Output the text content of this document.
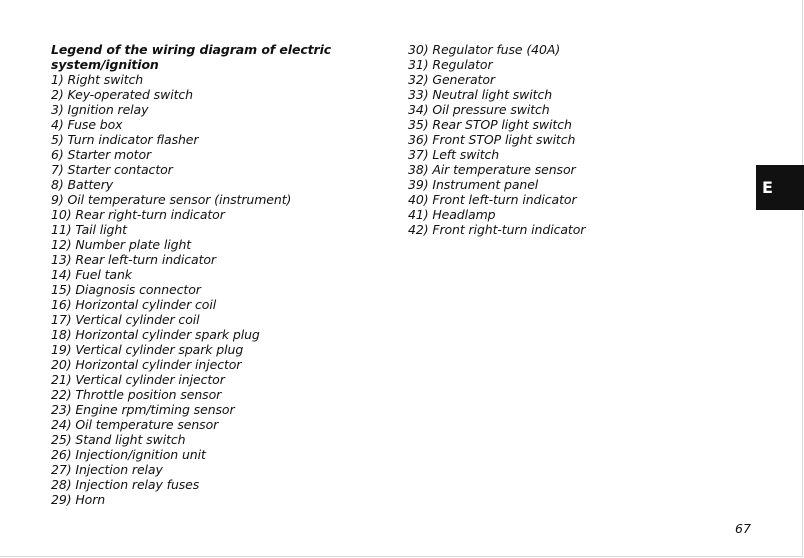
Legend of the wiring diagram of electric
system/ignition

1) Right switch
2) Key-operated switch
3) Ignition relay
4) Fuse box
5) Turn indicator flasher
6) Starter motor
7) Starter contactor
8) Battery
9) Oil temperature sensor (instrument)
10) Rear right-turn indicator
11) Tail light
12) Number plate light
13) Rear left-turn indicator
14) Fuel tank
15) Diagnosis connector
16) Horizontal cylinder coil
17) Vertical cylinder coil
18) Horizontal cylinder spark plug
19) Vertical cylinder spark plug
20) Horizontal cylinder injector
21) Vertical cylinder injector
22) Throttle position sensor
23) Engine rpm/timing sensor
24) Oil temperature sensor
25) Stand light switch
26) Injection/ignition unit
27) Injection relay
28) Injection relay fuses
29) Horn
30) Regulator fuse (40A)
31) Regulator
32) Generator
33) Neutral light switch
34) Oil pressure switch
35) Rear STOP light switch
36) Front STOP light switch
37) Left switch
38) Air temperature sensor
39) Instrument panel
40) Front left-turn indicator
41) Headlamp
42) Front right-turn indicator
E
67
